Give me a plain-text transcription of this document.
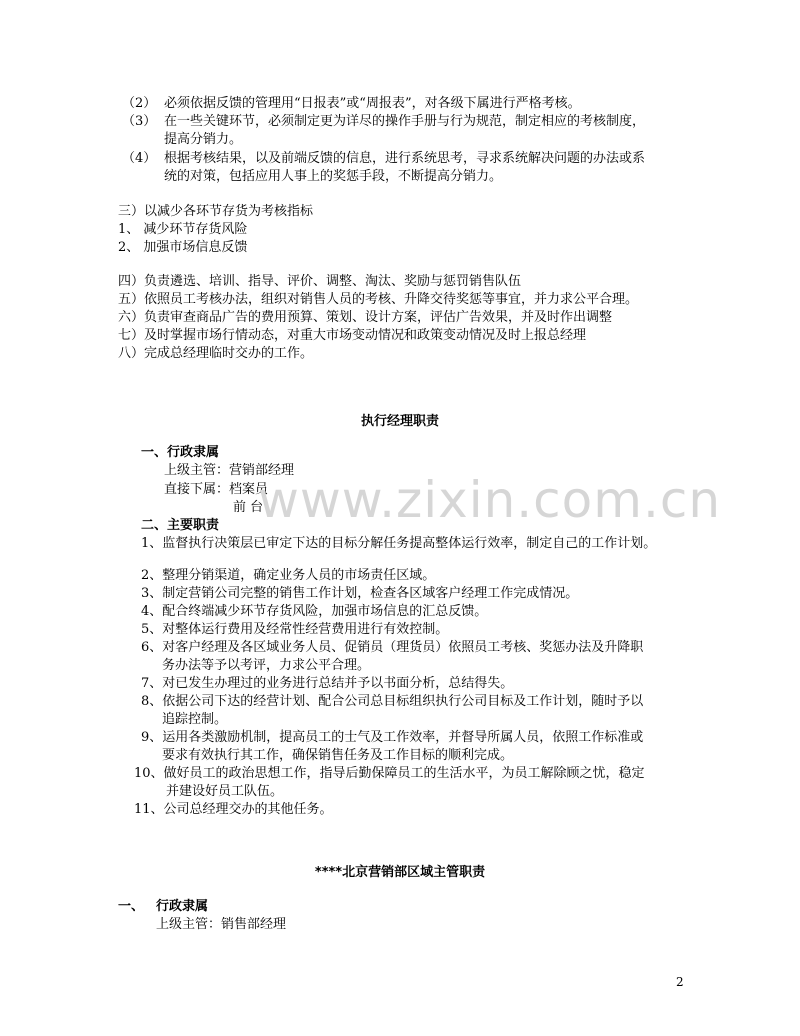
（2） 必须依据反馈的管理用“日报表”或“周报表”，对各级下属进行严格考核。
（3） 在一些关键环节，必须制定更为详尽的操作手册与行为规范，制定相应的考核制度，
提高分销力。
（4） 根据考核结果，以及前端反馈的信息，进行系统思考，寻求系统解决问题的办法或系
统的对策，包括应用人事上的奖惩手段，不断提高分销力。
三）以减少各环节存货为考核指标
1、 减少环节存货风险
2、 加强市场信息反馈
四）负责遴选、培训、指导、评价、调整、淘汰、奖励与惩罚销售队伍
五）依照员工考核办法，组织对销售人员的考核、升降交待奖惩等事宜，并力求公平合理。
六）负责审查商品广告的费用预算、策划、设计方案，评估广告效果，并及时作出调整
七）及时掌握市场行情动态，对重大市场变动情况和政策变动情况及时上报总经理
八）完成总经理临时交办的工作。
执行经理职责
一、行政隶属
上级主管：营销部经理
直接下属：档案员
前 台
www.zixin.com.cn
二、主要职责
1、监督执行决策层已审定下达的目标分解任务提高整体运行效率，制定自己的工作计划。
2、整理分销渠道，确定业务人员的市场责任区域。
3、制定营销公司完整的销售工作计划，检查各区域客户经理工作完成情况。
4、配合终端减少环节存货风险，加强市场信息的汇总反馈。
5、对整体运行费用及经常性经营费用进行有效控制。
6、对客户经理及各区域业务人员、促销员（理货员）依照员工考核、奖惩办法及升降职
务办法等予以考评，力求公平合理。
7、对已发生办理过的业务进行总结并予以书面分析，总结得失。
8、依据公司下达的经营计划、配合公司总目标组织执行公司目标及工作计划，随时予以
追踪控制。
9、运用各类激励机制，提高员工的士气及工作效率，并督导所属人员，依照工作标准或
要求有效执行其工作，确保销售任务及工作目标的顺利完成。
10、做好员工的政治思想工作，指导后勤保障员工的生活水平，为员工解除顾之忧，稳定
并建设好员工队伍。
11、公司总经理交办的其他任务。
****北京营销部区域主管职责
一、 行政隶属
上级主管：销售部经理
2
